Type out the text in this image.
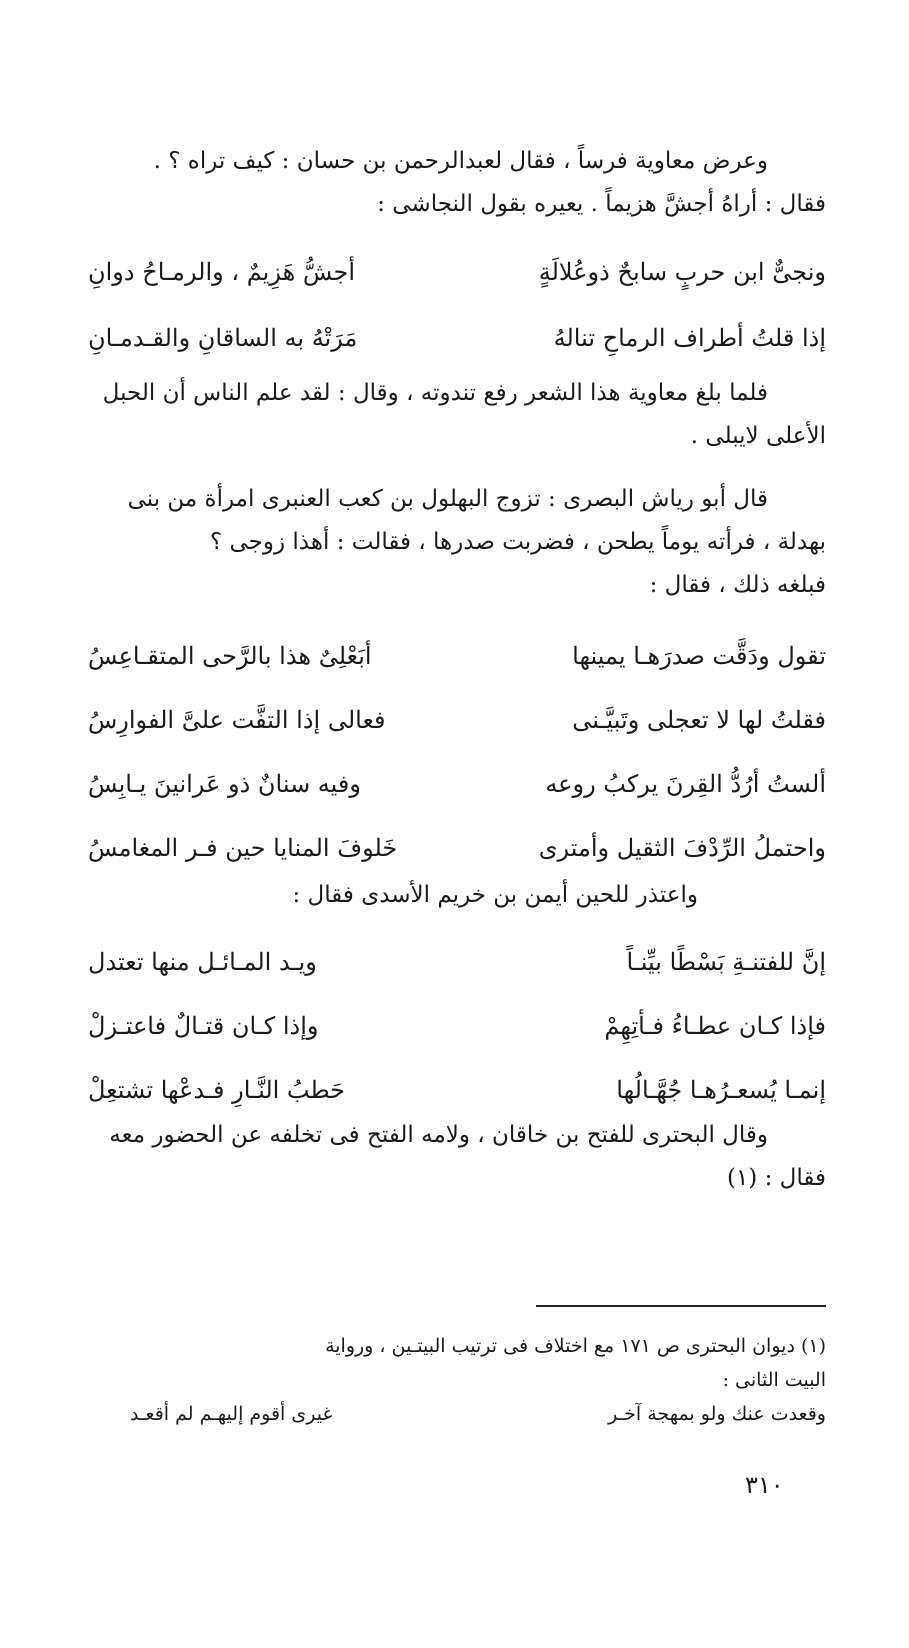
وعرض معاوية فرساً ، فقال لعبدالرحمن بن حسان : كيف تراه ؟ .
فقال : أراهُ أجشَّ هزيماً . يعيره بقول النجاشى :
ونجىٌّ ابن حربٍ سابحٌ ذوعُلالَةٍ
أجشُّ هَزِيمٌ ، والرمـاحُ دوانِ
إذا قلتُ أطراف الرماحِ تنالهُ
مَرَتْهُ به الساقانِ والقـدمـانِ
فلما بلغ معاوية هذا الشعر رفع تندوته ، وقال : لقد علم الناس أن الحبل
الأعلى لايبلى .
قال أبو رياش البصرى : تزوج البهلول بن كعب العنبرى امرأة من بنى
بهدلة ، فرأته يوماً يطحن ، فضربت صدرها ، فقالت : أهذا زوجى ؟
فبلغه ذلك ، فقال :
تقول ودَقَّت صدرَهـا يمينها
أبَعْلِىٌ هذا بالرَّحى المتقـاعِسُ
فقلتُ لها لا تعجلى وتَبيَّـنى
فعالى إذا التفَّت علىَّ الفوارِسُ
ألستُ أرُدُّ القِرنَ يركبُ روعه
وفيه سنانٌ ذو عَرانينَ يـابِسُ
واحتملُ الرِّدْفَ الثقيل وأمترى
خَلوفَ المنايا حين فـر المغامسُ
واعتذر للحين أيمن بن خريم الأسدى فقال :
إنَّ للفتنـةِ بَسْطًا بيِّنـاً
ويـد المـائـل منها تعتدل
فإذا كـان عطـاءُ فـأتِهِمْ
وإذا كـان قتـالٌ فاعتـزلْ
إنمـا يُسعـرُهـا جُهَّـالُها
حَطبُ النَّـارِ فـدعْها تشتعِلْ
وقال البحترى للفتح بن خاقان ، ولامه الفتح فى تخلفه عن الحضور معه
فقال : (١)
(١) ديوان البحترى ص ١٧١ مع اختلاف فى ترتيب البيتـين ، ورواية
البيت الثانى :
وقعدت عنك ولو بمهجة آخـر
غيرى أقوم إليهـم لم أقعـد
٣١٠
